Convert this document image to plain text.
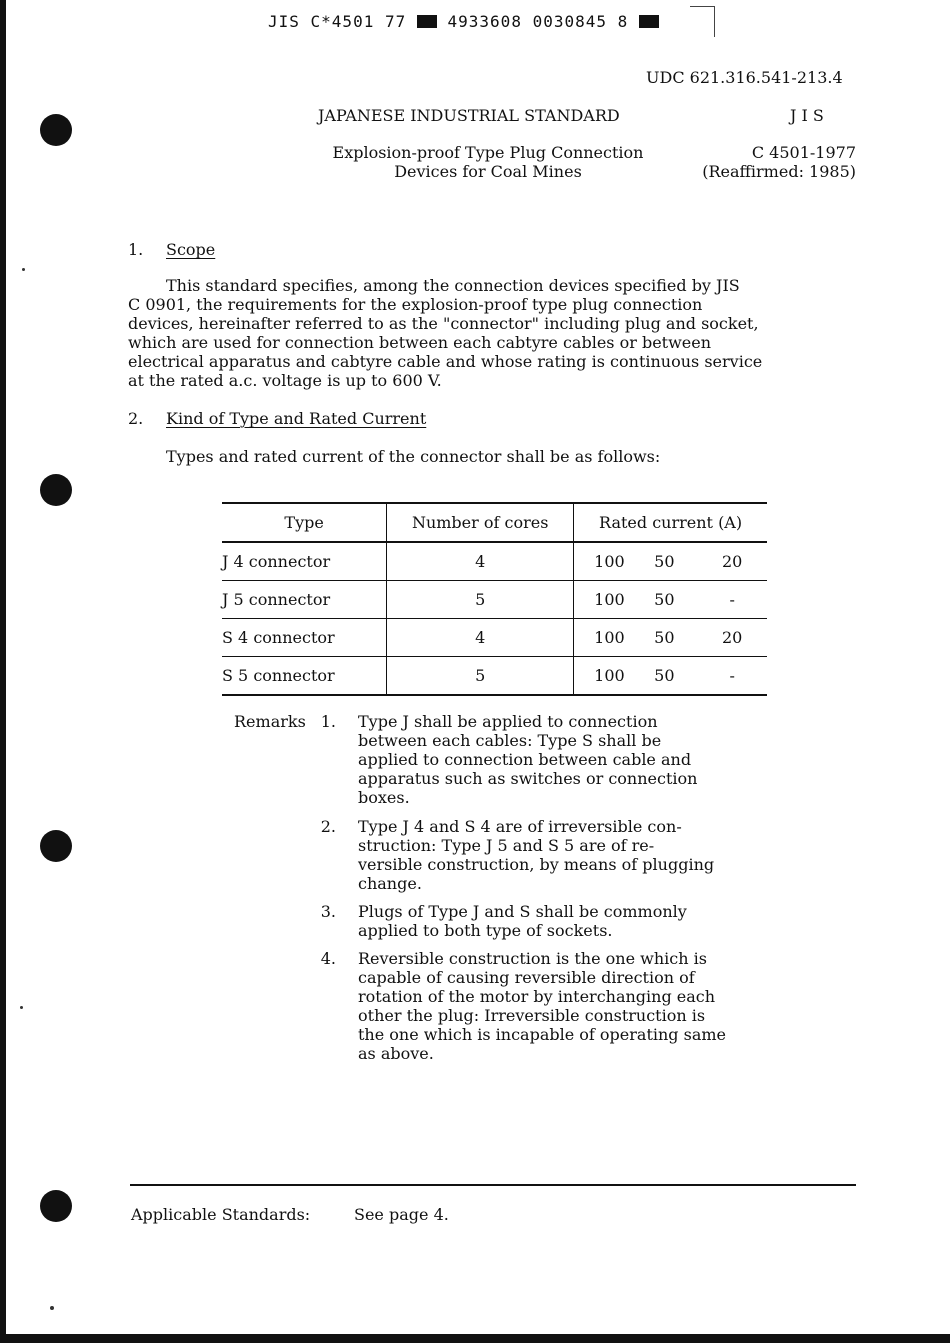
JIS C*4501 77	4933608 0030845 8
UDC 621.316.541-213.4
JAPANESE INDUSTRIAL STANDARD	J I S
Explosion-proof Type Plug Connection
Devices for Coal Mines
C 4501-1977
(Reaffirmed: 1985)
1. Scope
This standard specifies, among the connection devices specified by JIS
C 0901, the requirements for the explosion-proof type plug connection
devices, hereinafter referred to as the "connector" including plug and socket,
which are used for connection between each cabtyre cables or between
electrical apparatus and cabtyre cable and whose rating is continuous service
at the rated a.c. voltage is up to 600 V.
2. Kind of Type and Rated Current
Types and rated current of the connector shall be as follows:
Type	Number of cores	Rated current (A)
J 4 connector	4	100 50 20

J 5 connector	5	100 50 -

S 4 connector	4	100 50 20

S 5 connector	5	100 50 -
Remarks 1. Type J shall be applied to connection
between each cables: Type S shall be
applied to connection between cable and
apparatus such as switches or connection
boxes.
2. Type J 4 and S 4 are of irreversible con-
struction: Type J 5 and S 5 are of re-
versible construction, by means of plugging
change.
3. Plugs of Type J and S shall be commonly
applied to both type of sockets.
4. Reversible construction is the one which is
capable of causing reversible direction of
rotation of the motor by interchanging each
other the plug: Irreversible construction is
the one which is incapable of operating same
as above.
Applicable Standards:	See page 4.
